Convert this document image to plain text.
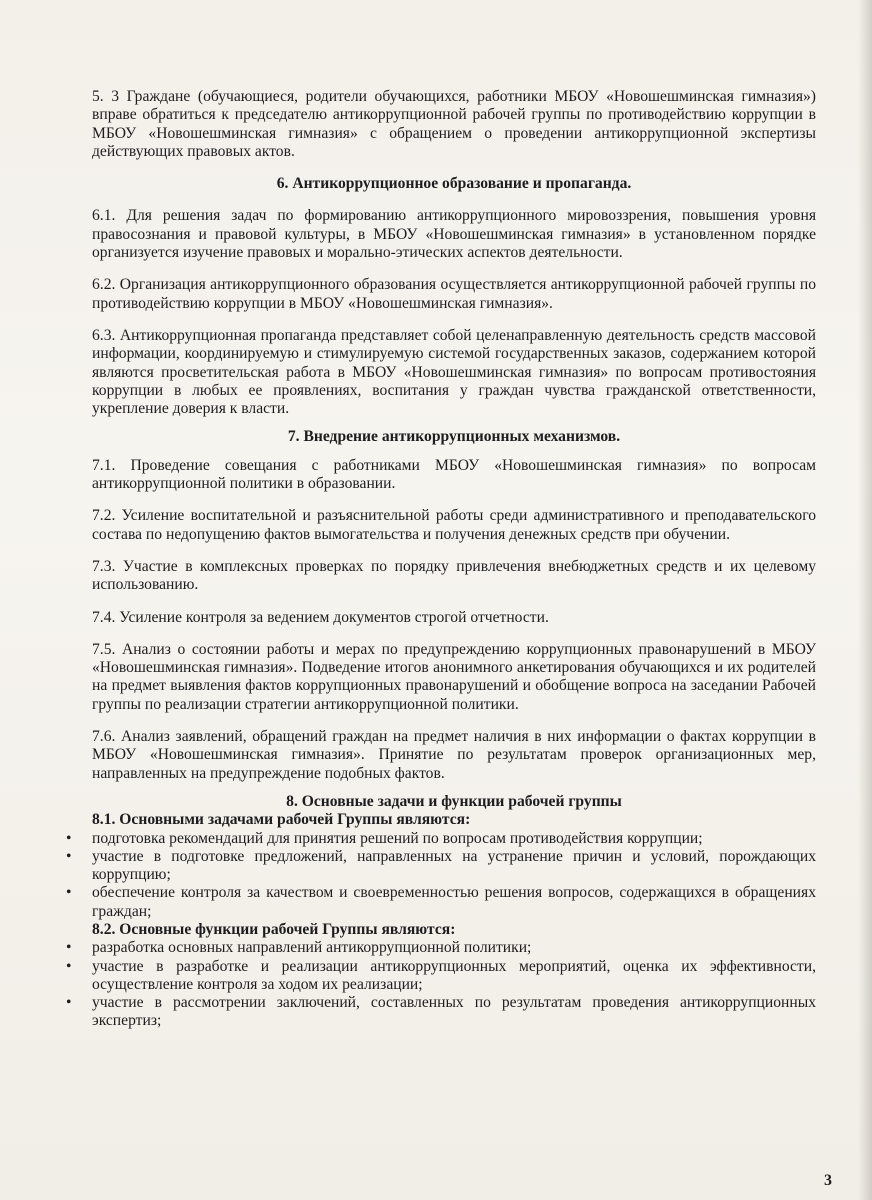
5. 3 Граждане (обучающиеся, родители обучающихся, работники МБОУ «Новошешминская гимназия») вправе обратиться к председателю антикоррупционной рабочей группы по противодействию коррупции в МБОУ «Новошешминская гимназия» с обращением о проведении антикоррупционной экспертизы действующих правовых актов.

6. Антикоррупционное образование и пропаганда.

6.1. Для решения задач по формированию антикоррупционного мировоззрения, повышения уровня правосознания и правовой культуры, в МБОУ «Новошешминская гимназия» в установленном порядке организуется изучение правовых и морально-этических аспектов деятельности.

6.2. Организация антикоррупционного образования осуществляется антикоррупционной рабочей группы по противодействию коррупции в МБОУ «Новошешминская гимназия».

6.3. Антикоррупционная пропаганда представляет собой целенаправленную деятельность средств массовой информации, координируемую и стимулируемую системой государственных заказов, содержанием которой являются просветительская работа в МБОУ «Новошешминская гимназия» по вопросам противостояния коррупции в любых ее проявлениях, воспитания у граждан чувства гражданской ответственности, укрепление доверия к власти.

7. Внедрение антикоррупционных механизмов.

7.1. Проведение совещания с работниками МБОУ «Новошешминская гимназия» по вопросам антикоррупционной политики в образовании.

7.2. Усиление воспитательной и разъяснительной работы среди административного и преподавательского состава по недопущению фактов вымогательства и получения денежных средств при обучении.

7.3. Участие в комплексных проверках по порядку привлечения внебюджетных средств и их целевому использованию.

7.4. Усиление контроля за ведением документов строгой отчетности.

7.5. Анализ о состоянии работы и мерах по предупреждению коррупционных правонарушений в МБОУ «Новошешминская гимназия». Подведение итогов анонимного анкетирования обучающихся и их родителей на предмет выявления фактов коррупционных правонарушений и обобщение вопроса на заседании Рабочей группы по реализации стратегии антикоррупционной политики.

7.6. Анализ заявлений, обращений граждан на предмет наличия в них информации о фактах коррупции в МБОУ «Новошешминская гимназия». Принятие по результатам проверок организационных мер, направленных на предупреждение подобных фактов.

8. Основные задачи и функции рабочей группы

8.1. Основными задачами рабочей Группы являются:

• подготовка рекомендаций для принятия решений по вопросам противодействия коррупции;
• участие в подготовке предложений, направленных на устранение причин и условий, порождающих коррупцию;
• обеспечение контроля за качеством и своевременностью решения вопросов, содержащихся в обращениях граждан;

8.2. Основные функции рабочей Группы являются:

• разработка основных направлений антикоррупционной политики;
• участие в разработке и реализации антикоррупционных мероприятий, оценка их эффективности, осуществление контроля за ходом их реализации;
• участие в рассмотрении заключений, составленных по результатам проведения антикоррупционных экспертиз;
3
